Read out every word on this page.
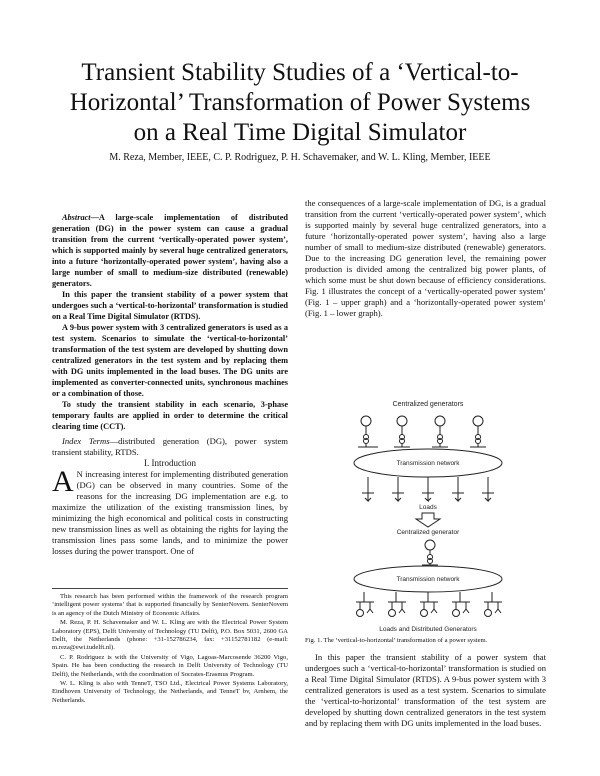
Transient Stability Studies of a ‘Vertical-to-
Horizontal’ Transformation of Power Systems
on a Real Time Digital Simulator
M. Reza, Member, IEEE, C. P. Rodriguez, P. H. Schavemaker, and W. L. Kling, Member, IEEE

Abstract—A large-scale implementation of distributed generation (DG) in the power system can cause a gradual transition from the current ‘vertically-operated power system’, which is supported mainly by several huge centralized generators, into a future ‘horizontally-operated power system’, having also a large number of small to medium-size distributed (renewable) generators.

In this paper the transient stability of a power system that undergoes such a ‘vertical-to-horizontal’ transformation is studied on a Real Time Digital Simulator (RTDS).

A 9-bus power system with 3 centralized generators is used as a test system. Scenarios to simulate the ‘vertical-to-horizontal’ transformation of the test system are developed by shutting down centralized generators in the test system and by replacing them with DG units implemented in the load buses. The DG units are implemented as converter-connected units, synchronous machines or a combination of those.

To study the transient stability in each scenario, 3-phase temporary faults are applied in order to determine the critical clearing time (CCT).

Index Terms—distributed generation (DG), power system transient stability, RTDS.

I. Introduction

A N increasing interest for implementing distributed generation (DG) can be observed in many countries. Some of the reasons for the increasing DG implementation are e.g. to maximize the utilization of the existing transmission lines, by minimizing the high economical and political costs in constructing new transmission lines as well as obtaining the rights for laying the transmission lines pass some lands, and to minimize the power losses during the power transport. One of

This research has been performed within the framework of the research program ‘intelligent power systems’ that is supported financially by SenterNovem. SenterNovem is an agency of the Dutch Ministry of Economic Affairs.

M. Reza, P. H. Schavemaker and W. L. Kling are with the Electrical Power System Laboratory (EPS), Delft University of Technology (TU Delft), P.O. Box 5031, 2600 GA Delft, the Netherlands (phone: +31-152786234, fax: +31152781182 (e-mail: m.reza@ewi.tudelft.nl).

C. P. Rodriguez is with the University of Vigo, Lagoas-Marcosende 36200 Vigo, Spain. He has been conducting the research in Delft University of Technology (TU Delft), the Netherlands, with the coordination of Socrates-Erasmus Program.

W. L. Kling is also with TenneT, TSO Ltd., Electrical Power Systems Laboratory, Eindhoven University of Technology, the Netherlands, and TenneT bv, Arnhem, the Netherlands.

the consequences of a large-scale implementation of DG, is a gradual transition from the current ‘vertically-operated power system’, which is supported mainly by several huge centralized generators, into a future ‘horizontally-operated power system’, having also a large number of small to medium-size distributed (renewable) generators. Due to the increasing DG generation level, the remaining power production is divided among the centralized big power plants, of which some must be shut down because of efficiency considerations. Fig. 1 illustrates the concept of a ‘vertically-operated power system’ (Fig. 1 – upper graph) and a ‘horizontally-operated power system’ (Fig. 1 – lower graph).

Centralized generators
Transmission network
Loads
Centralized generator
Transmission network
Loads and Distributed Generators
Fig. 1. The ‘vertical-to-horizontal’ transformation of a power system.

In this paper the transient stability of a power system that undergoes such a ‘vertical-to-horizontal’ transformation is studied on a Real Time Digital Simulator (RTDS). A 9-bus power system with 3 centralized generators is used as a test system. Scenarios to simulate the ‘vertical-to-horizontal’ transformation of the test system are developed by shutting down centralized generators in the test system and by replacing them with DG units implemented in the load buses.
